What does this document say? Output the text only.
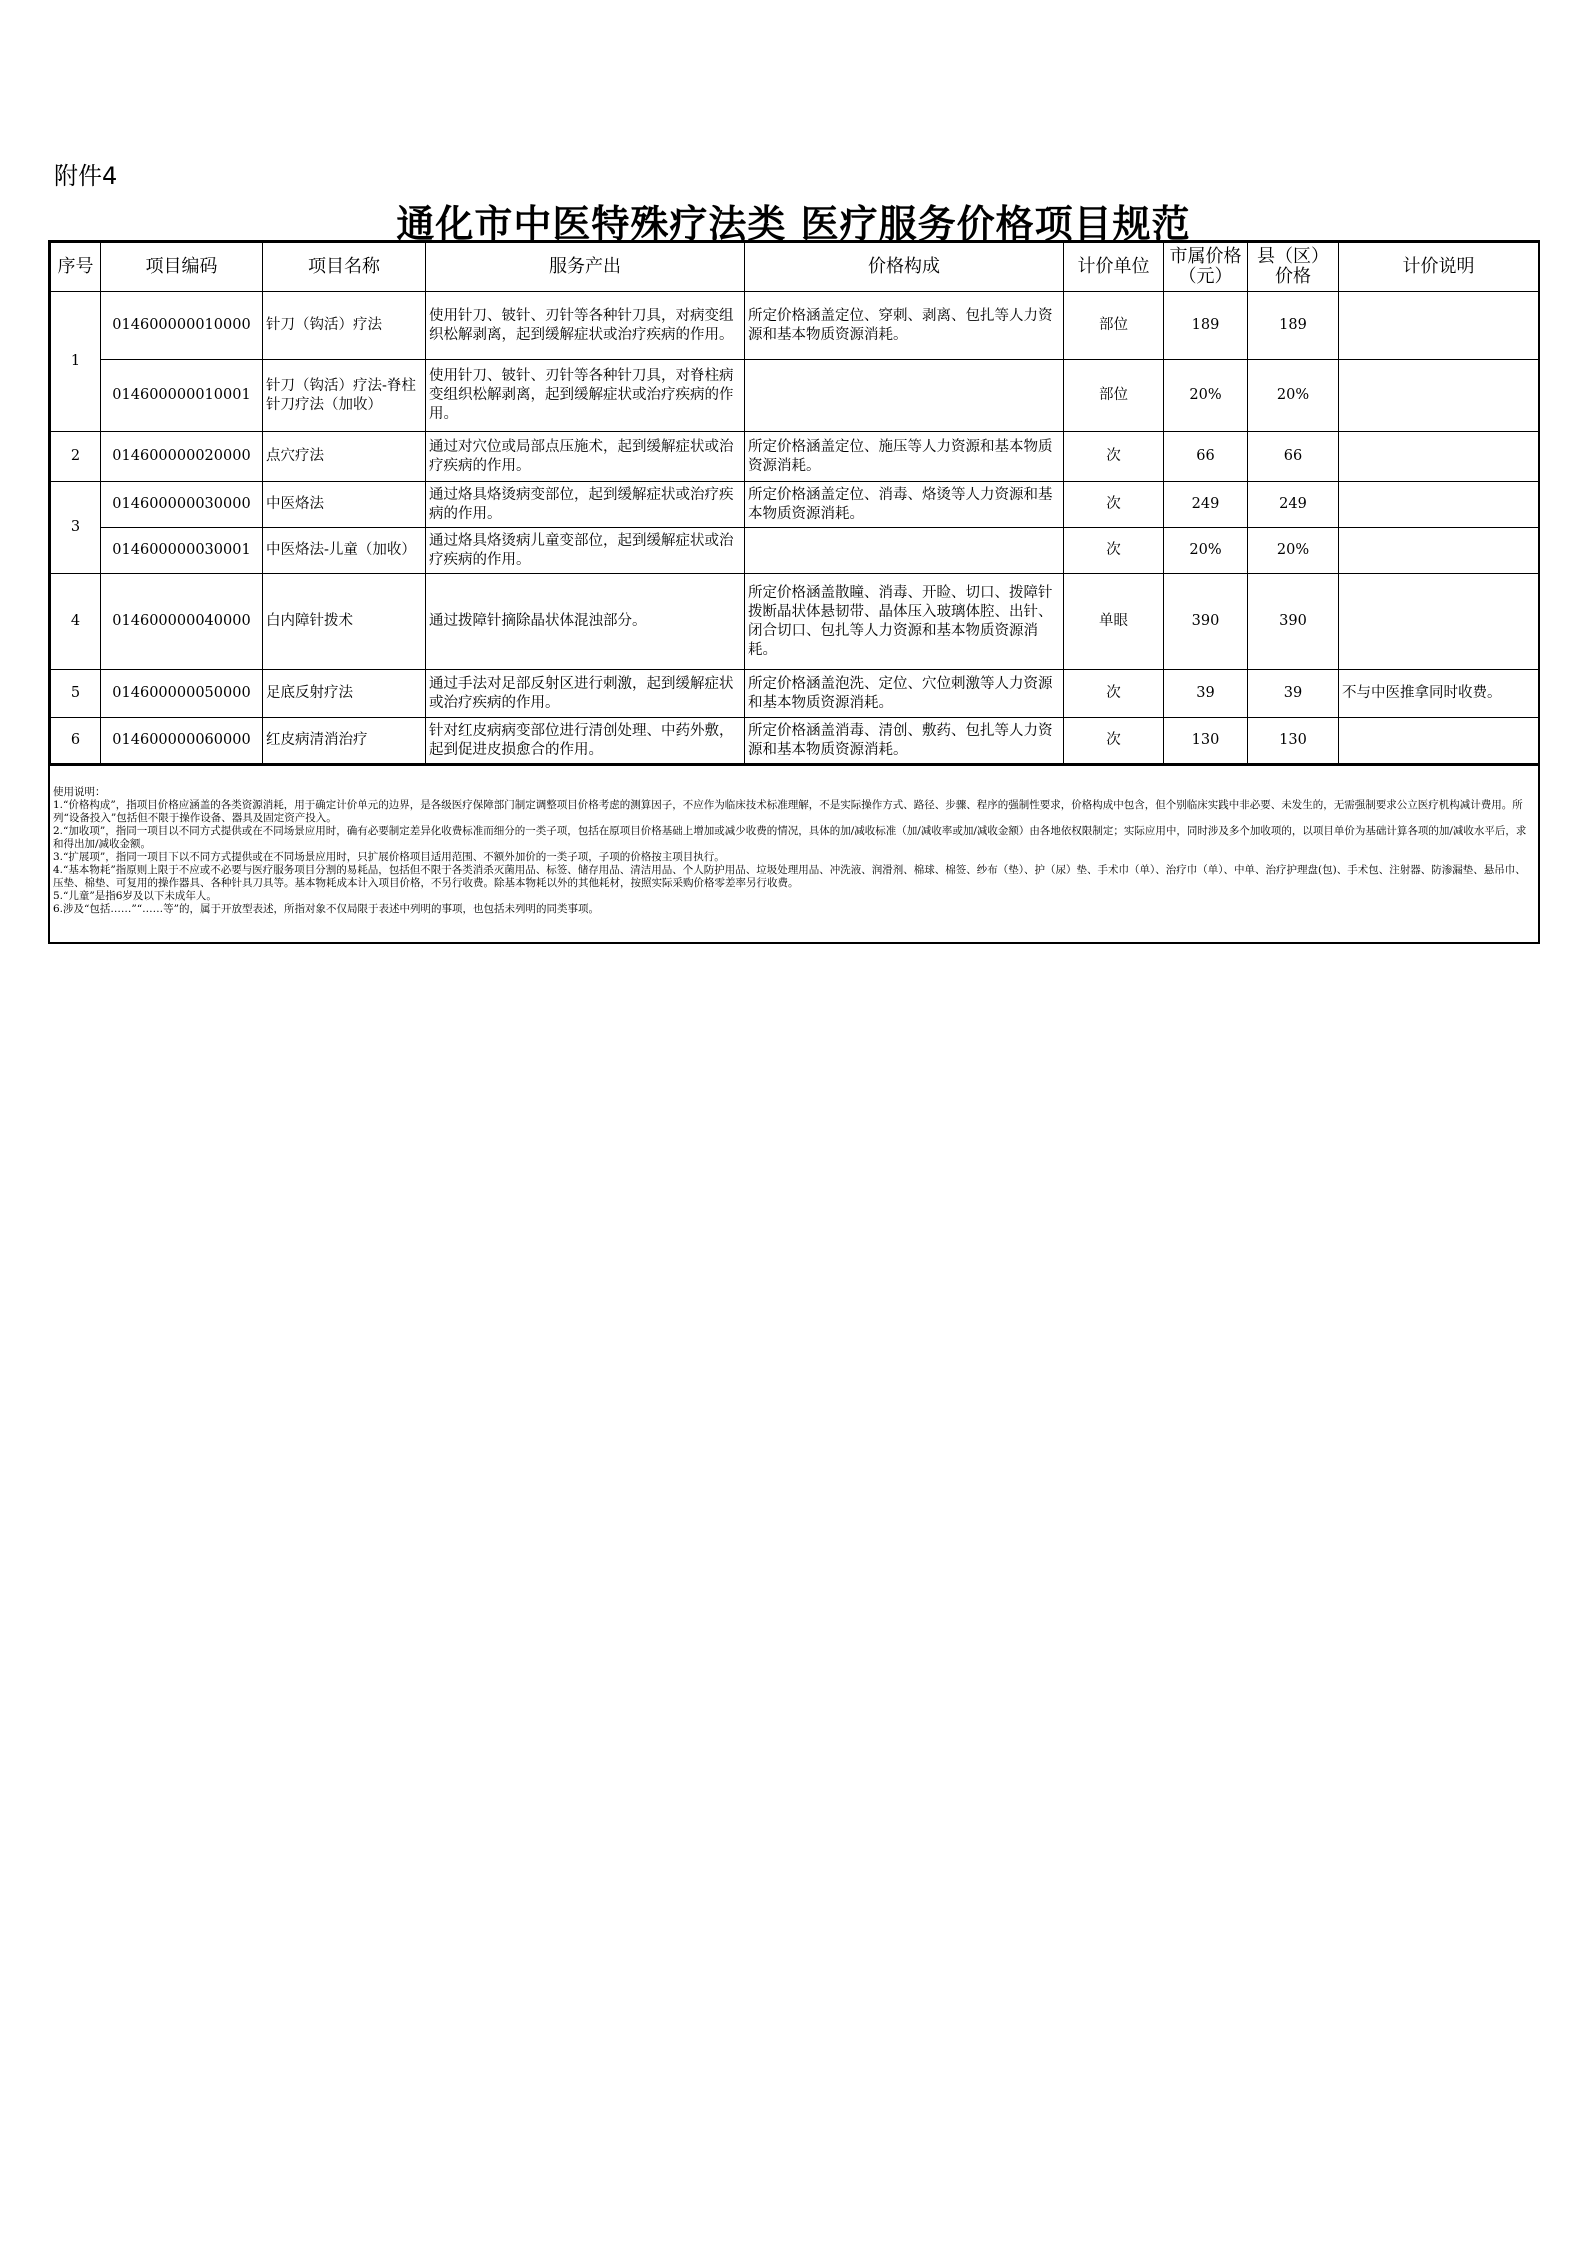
附件4
通化市中医特殊疗法类 医疗服务价格项目规范
序号	项目编码	项目名称	服务产出	价格构成	计价单位	市属价格（元）	县（区）价格	计价说明
1	014600000010000	针刀（钩活）疗法	使用针刀、铍针、刃针等各种针刀具，对病变组织松解剥离，起到缓解症状或治疗疾病的作用。	所定价格涵盖定位、穿刺、剥离、包扎等人力资源和基本物质资源消耗。	部位	189	189	
	014600000010001	针刀（钩活）疗法-脊柱针刀疗法（加收）	使用针刀、铍针、刃针等各种针刀具，对脊柱病变组织松解剥离，起到缓解症状或治疗疾病的作用。		部位	20%	20%	
2	014600000020000	点穴疗法	通过对穴位或局部点压施术，起到缓解症状或治疗疾病的作用。	所定价格涵盖定位、施压等人力资源和基本物质资源消耗。	次	66	66	
3	014600000030000	中医烙法	通过烙具烙烫病变部位，起到缓解症状或治疗疾病的作用。	所定价格涵盖定位、消毒、烙烫等人力资源和基本物质资源消耗。	次	249	249	
	014600000030001	中医烙法-儿童（加收）	通过烙具烙烫病儿童变部位，起到缓解症状或治疗疾病的作用。		次	20%	20%	
4	014600000040000	白内障针拨术	通过拨障针摘除晶状体混浊部分。	所定价格涵盖散瞳、消毒、开睑、切口、拨障针拨断晶状体悬韧带、晶体压入玻璃体腔、出针、闭合切口、包扎等人力资源和基本物质资源消耗。	单眼	390	390	
5	014600000050000	足底反射疗法	通过手法对足部反射区进行刺激，起到缓解症状或治疗疾病的作用。	所定价格涵盖泡洗、定位、穴位刺激等人力资源和基本物质资源消耗。	次	39	39	不与中医推拿同时收费。
6	014600000060000	红皮病清消治疗	针对红皮病病变部位进行清创处理、中药外敷，起到促进皮损愈合的作用。	所定价格涵盖消毒、清创、敷药、包扎等人力资源和基本物质资源消耗。	次	130	130	

使用说明：

1.“价格构成”，指项目价格应涵盖的各类资源消耗，用于确定计价单元的边界，是各级医疗保障部门制定调整项目价格考虑的测算因子，不应作为临床技术标准理解，不是实际操作方式、路径、步骤、程序的强制性要求，价格构成中包含，但个别临床实践中非必要、未发生的，无需强制要求公立医疗机构减计费用。所列“设备投入”包括但不限于操作设备、器具及固定资产投入。

2.“加收项”，指同一项目以不同方式提供或在不同场景应用时，确有必要制定差异化收费标准而细分的一类子项，包括在原项目价格基础上增加或减少收费的情况，具体的加/减收标准（加/减收率或加/减收金额）由各地依权限制定；实际应用中，同时涉及多个加收项的，以项目单价为基础计算各项的加/减收水平后，求和得出加/减收金额。

3.“扩展项”，指同一项目下以不同方式提供或在不同场景应用时，只扩展价格项目适用范围、不额外加价的一类子项，子项的价格按主项目执行。

4.“基本物耗”指原则上限于不应或不必要与医疗服务项目分割的易耗品，包括但不限于各类消杀灭菌用品、标签、储存用品、清洁用品、个人防护用品、垃圾处理用品、冲洗液、润滑剂、棉球、棉签、纱布（垫）、护（尿）垫、手术巾（单）、治疗巾（单）、中单、治疗护理盘(包)、手术包、注射器、防渗漏垫、悬吊巾、压垫、棉垫、可复用的操作器具、各种针具刀具等。基本物耗成本计入项目价格，不另行收费。除基本物耗以外的其他耗材，按照实际采购价格零差率另行收费。

5.“儿童”是指6岁及以下未成年人。

6.涉及“包括……”“……等”的，属于开放型表述，所指对象不仅局限于表述中列明的事项，也包括未列明的同类事项。
